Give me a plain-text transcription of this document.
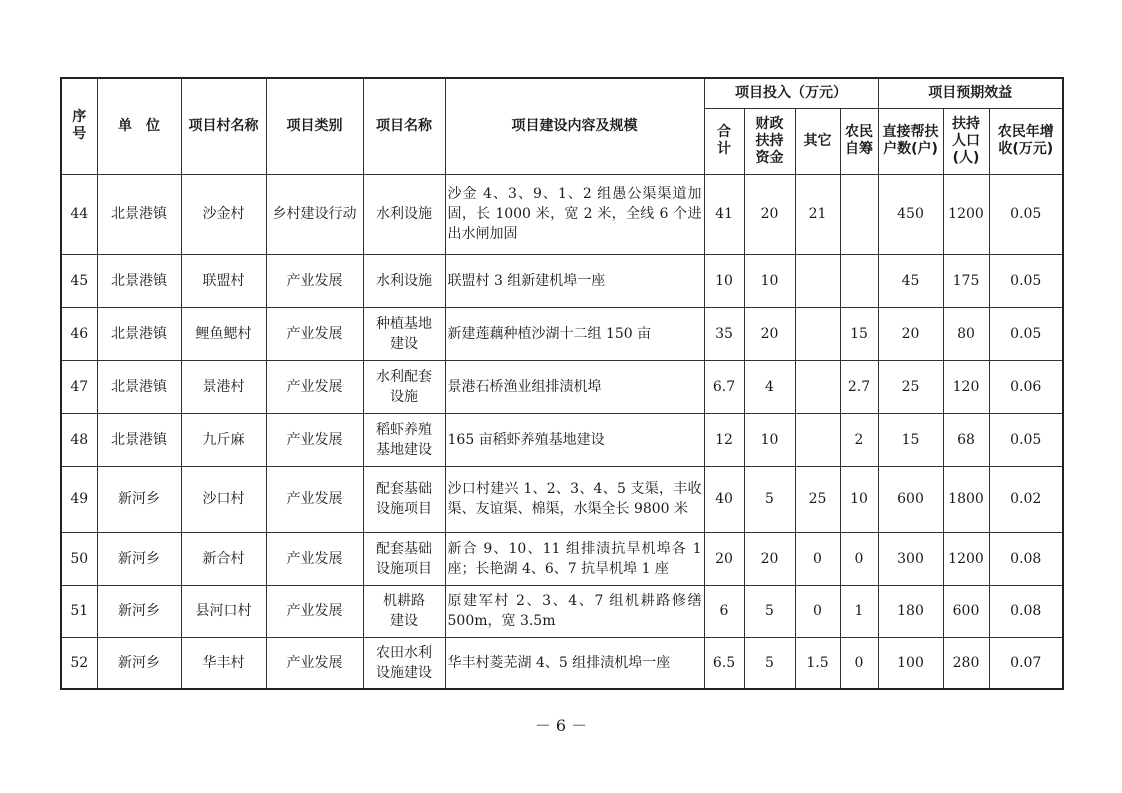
序号	单　位	项目村名称	项目类别	项目名称	项目建设内容及规模	项目投入（万元）				项目预期效益		
						合计	财政扶持资金	其它	农民自筹	直接帮扶户数(户)	扶持人口(人)	农民年增收(万元)
44	北景港镇	沙金村	乡村建设行动	水利设施	沙金 4、3、9、1、2 组愚公渠渠道加固，长 1000 米，宽 2 米，全线 6 个进出水闸加固	41	20	21		450	1200	0.05
45	北景港镇	联盟村	产业发展	水利设施	联盟村 3 组新建机埠一座	10	10			45	175	0.05
46	北景港镇	鲤鱼鳃村	产业发展	种植基地建设	新建莲藕种植沙湖十二组 150 亩	35	20		15	20	80	0.05
47	北景港镇	景港村	产业发展	水利配套设施	景港石桥渔业组排渍机埠	6.7	4		2.7	25	120	0.06
48	北景港镇	九斤麻	产业发展	稻虾养殖基地建设	165 亩稻虾养殖基地建设	12	10		2	15	68	0.05
49	新河乡	沙口村	产业发展	配套基础设施项目	沙口村建兴 1、2、3、4、5 支渠，丰收渠、友谊渠、棉渠，水渠全长 9800 米	40	5	25	10	600	1800	0.02
50	新河乡	新合村	产业发展	配套基础设施项目	新合 9、10、11 组排渍抗旱机埠各 1 座；长艳湖 4、6、7 抗旱机埠 1 座	20	20	0	0	300	1200	0.08
51	新河乡	县河口村	产业发展	机耕路建设	原建军村 2、3、4、7 组机耕路修缮 500m，宽 3.5m	6	5	0	1	180	600	0.08
52	新河乡	华丰村	产业发展	农田水利设施建设	华丰村菱芜湖 4、5 组排渍机埠一座	6.5	5	1.5	0	100	280	0.07
－ 6 －
